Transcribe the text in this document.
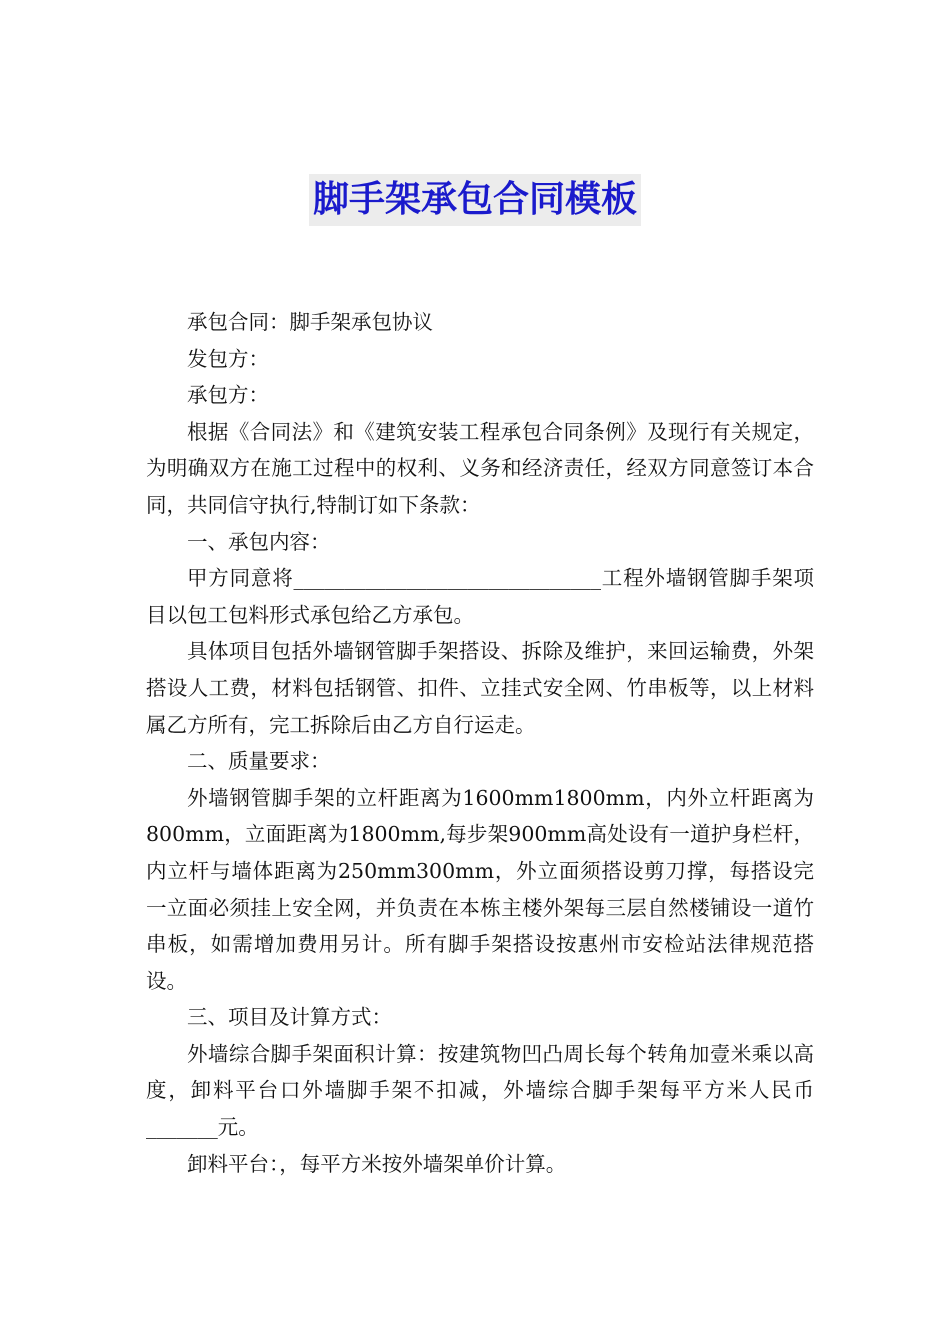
脚手架承包合同模板

承包合同：脚手架承包协议

发包方：

承包方：

根据《合同法》和《建筑安装工程承包合同条例》及现行有关规定，为明确双方在施工过程中的权利、义务和经济责任，经双方同意签订本合同，共同信守执行,特制订如下条款：

一、承包内容：

甲方同意将______________________________工程外墙钢管脚手架项目以包工包料形式承包给乙方承包。

具体项目包括外墙钢管脚手架搭设、拆除及维护，来回运输费，外架搭设人工费，材料包括钢管、扣件、立挂式安全网、竹串板等，以上材料属乙方所有，完工拆除后由乙方自行运走。

二、质量要求：

外墙钢管脚手架的立杆距离为1600mm1800mm，内外立杆距离为800mm，立面距离为1800mm,每步架900mm高处设有一道护身栏杆，内立杆与墙体距离为250mm300mm，外立面须搭设剪刀撑，每搭设完一立面必须挂上安全网，并负责在本栋主楼外架每三层自然楼铺设一道竹串板，如需增加费用另计。所有脚手架搭设按惠州市安检站法律规范搭设。

三、项目及计算方式：

外墙综合脚手架面积计算：按建筑物凹凸周长每个转角加壹米乘以高度，卸料平台口外墙脚手架不扣减，外墙综合脚手架每平方米人民币_______元。

卸料平台：，每平方米按外墙架单价计算。
